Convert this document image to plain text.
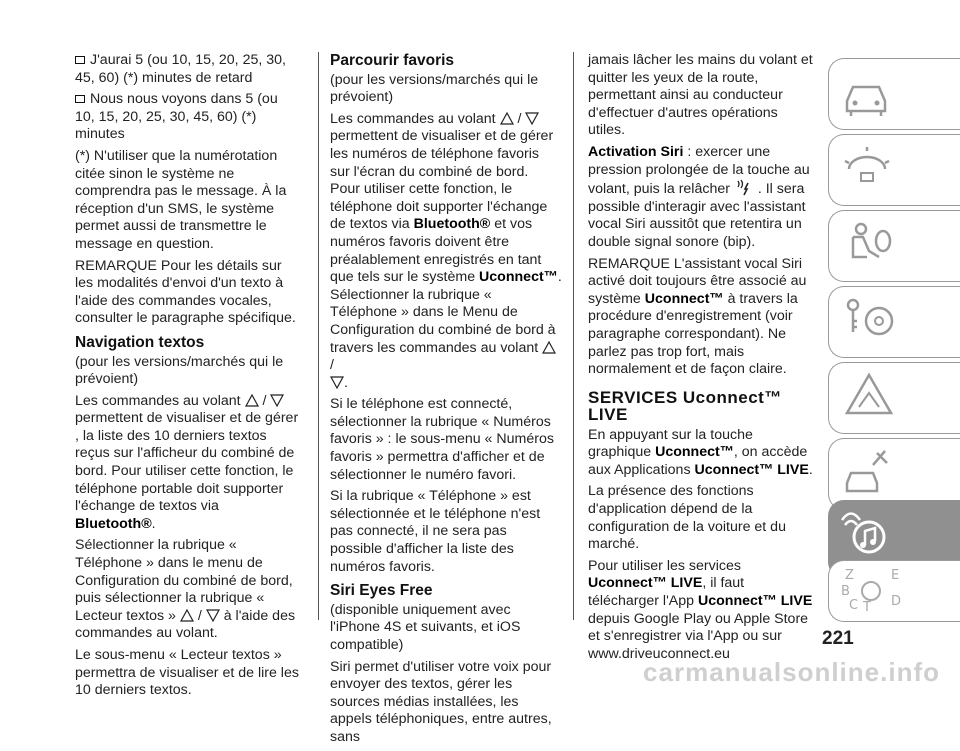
J'aurai 5 (ou 10, 15, 20, 25, 30, 45, 60) (*) minutes de retard

Nous nous voyons dans 5 (ou 10, 15, 20, 25, 30, 45, 60) (*) minutes

(*) N'utiliser que la numérotation citée sinon le système ne comprendra pas le message. À la réception d'un SMS, le système permet aussi de transmettre le message en question.

REMARQUE Pour les détails sur les modalités d'envoi d'un texto à l'aide des commandes vocales, consulter le paragraphe spécifique.

Navigation textos

(pour les versions/marchés qui le prévoient)

Les commandes au volant /  permettent de visualiser et de gérer , la liste des 10 derniers textos reçus sur l'afficheur du combiné de bord. Pour utiliser cette fonction, le téléphone portable doit supporter l'échange de textos via Bluetooth®.

Sélectionner la rubrique « Téléphone » dans le menu de Configuration du combiné de bord, puis sélectionner la rubrique « Lecteur textos » / à l'aide des commandes au volant.

Le sous-menu « Lecteur textos » permettra de visualiser et de lire les 10 derniers textos.

Parcourir favoris

(pour les versions/marchés qui le prévoient)

Les commandes au volant /  permettent de visualiser et de gérer les numéros de téléphone favoris sur l'écran du combiné de bord. Pour utiliser cette fonction, le téléphone doit supporter l'échange de textos via Bluetooth® et vos numéros favoris doivent être préalablement enregistrés en tant que tels sur le système Uconnect™. Sélectionner la rubrique « Téléphone » dans le Menu de Configuration du combiné de bord à travers les commandes au volant  /
.

Si le téléphone est connecté, sélectionner la rubrique « Numéros favoris » : le sous-menu « Numéros favoris » permettra d'afficher et de sélectionner le numéro favori.

Si la rubrique « Téléphone » est sélectionnée et le téléphone n'est pas connecté, il ne sera pas possible d'afficher la liste des numéros favoris.

Siri Eyes Free

(disponible uniquement avec l'iPhone 4S et suivants, et iOS compatible)

Siri permet d'utiliser votre voix pour envoyer des textos, gérer les sources médias installées, les appels téléphoniques, entre autres, sans

jamais lâcher les mains du volant et quitter les yeux de la route, permettant ainsi au conducteur d'effectuer d'autres opérations utiles.

Activation Siri : exercer une pression prolongée de la touche au volant, puis la relâcher . Il sera possible d'interagir avec l'assistant vocal Siri aussitôt que retentira un double signal sonore (bip).

REMARQUE L'assistant vocal Siri activé doit toujours être associé au système Uconnect™ à travers la procédure d'enregistrement (voir paragraphe correspondant). Ne parlez pas trop fort, mais normalement et de façon claire.

SERVICES Uconnect™ LIVE

En appuyant sur la touche graphique Uconnect™, on accède aux Applications Uconnect™ LIVE.

La présence des fonctions d'application dépend de la configuration de la voiture et du marché.

Pour utiliser les services Uconnect™ LIVE, il faut télécharger l'App Uconnect™ LIVE depuis Google Play ou Apple Store et s'enregistrer via l'App ou sur www.driveuconnect.eu

Z	E
B
C T D
221
carmanualsonline.info
